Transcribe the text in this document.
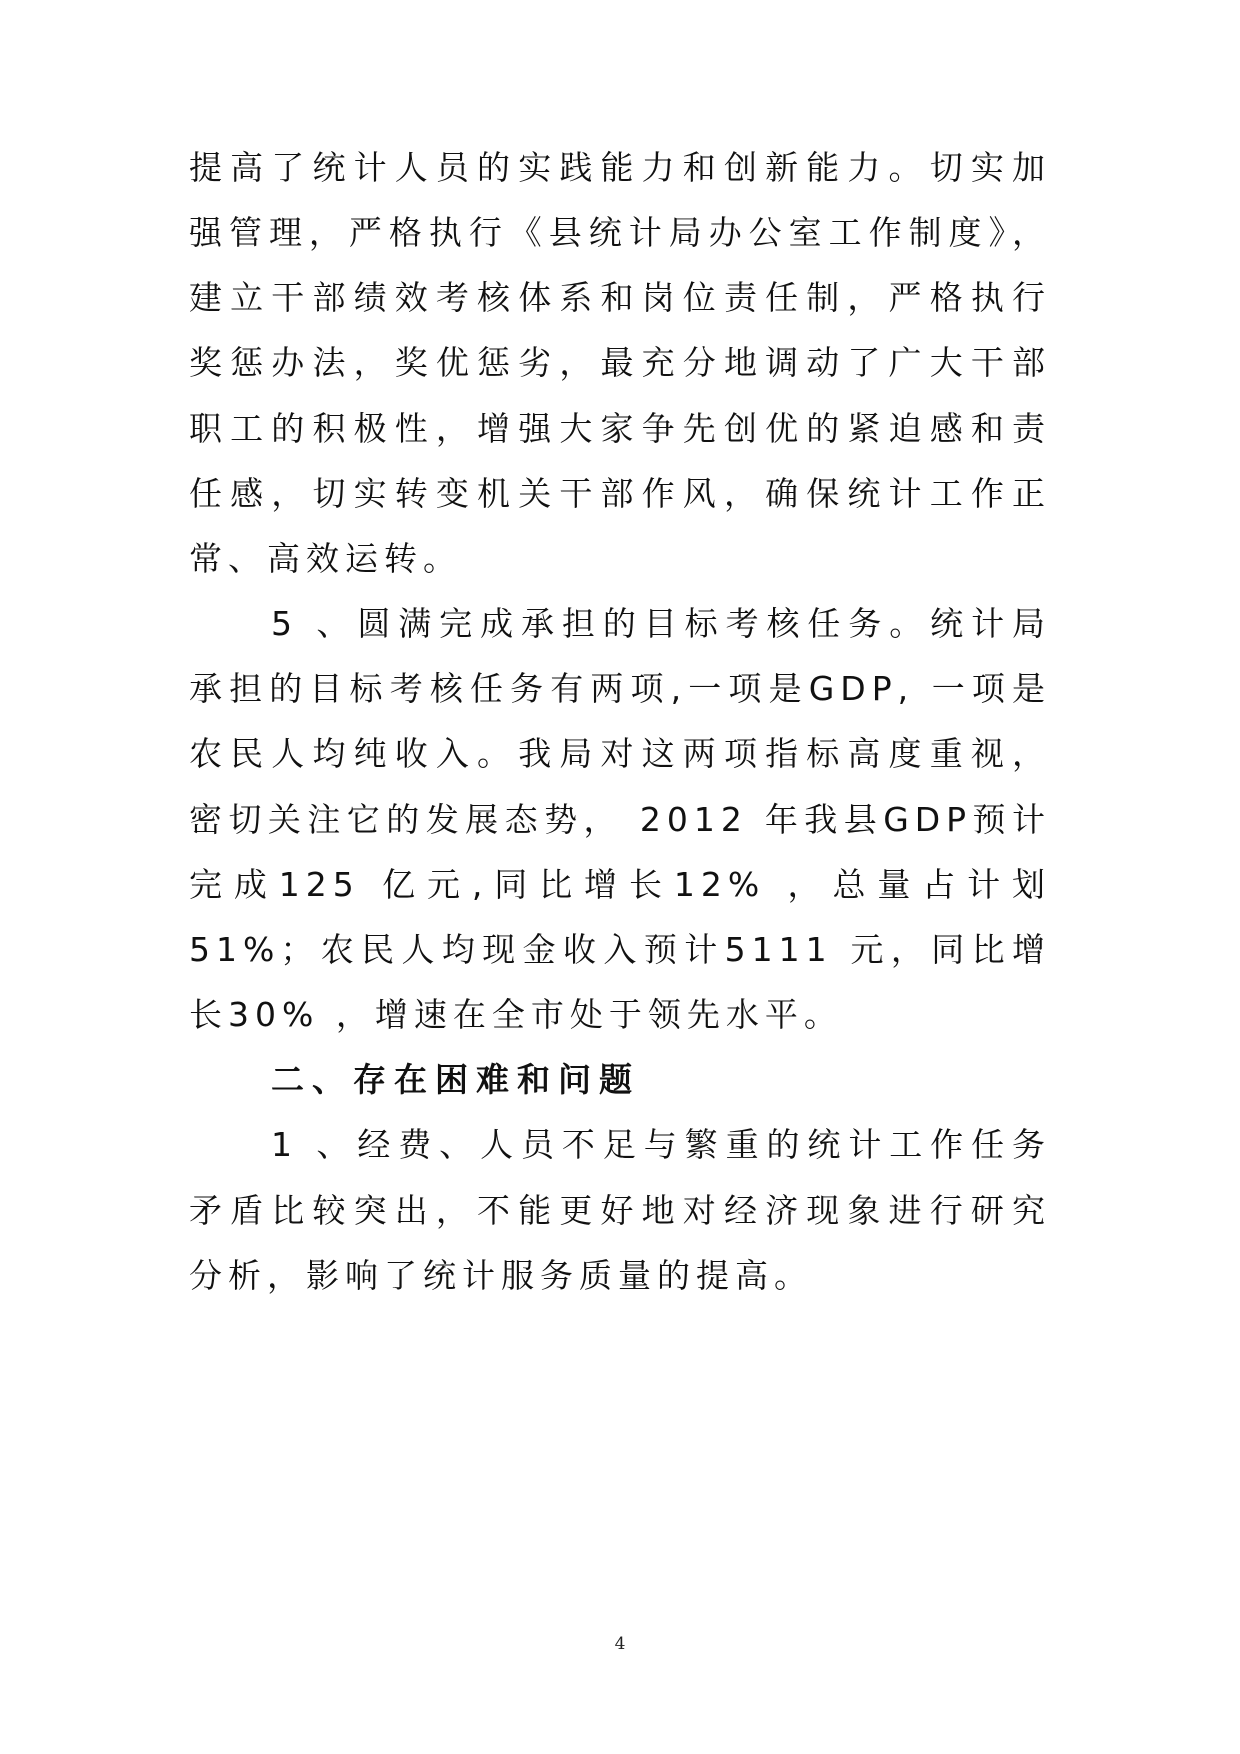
提高了统计人员的实践能力和创新能力。切实加
强管理，严格执行《县统计局办公室工作制度》，
建立干部绩效考核体系和岗位责任制，严格执行
奖惩办法，奖优惩劣，最充分地调动了广大干部
职工的积极性，增强大家争先创优的紧迫感和责
任感，切实转变机关干部作风，确保统计工作正
常、高效运转。
5 、圆满完成承担的目标考核任务。统计局
承担的目标考核任务有两项,一项是GDP, 一项是
农民人均纯收入。我局对这两项指标高度重视，
密切关注它的发展态势， 2012 年我县GDP预计
完成125 亿元,同比增长12% ，总量占计划
51%；农民人均现金收入预计5111 元，同比增
长30% ，增速在全市处于领先水平。
二、存在困难和问题
1 、经费、人员不足与繁重的统计工作任务
矛盾比较突出，不能更好地对经济现象进行研究
分析，影响了统计服务质量的提高。
4
